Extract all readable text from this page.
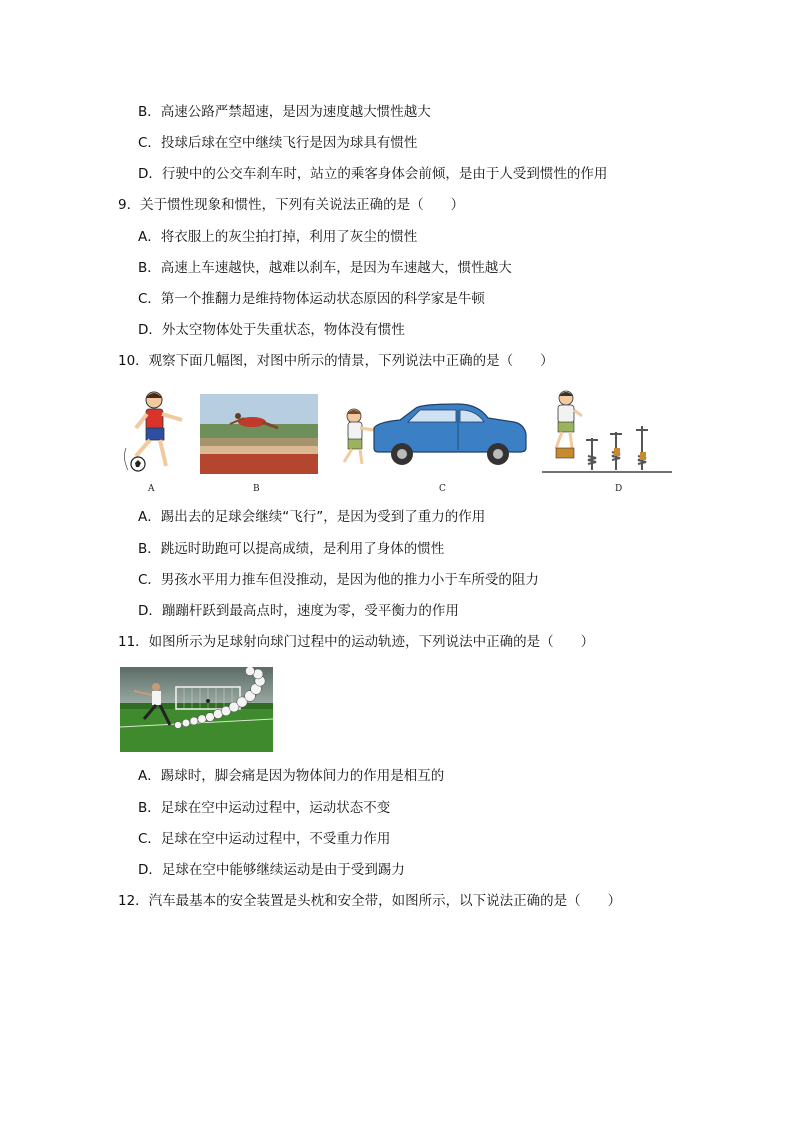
B．高速公路严禁超速，是因为速度越大惯性越大
C．投球后球在空中继续飞行是因为球具有惯性
D．行驶中的公交车刹车时，站立的乘客身体会前倾，是由于人受到惯性的作用
9．关于惯性现象和惯性，下列有关说法正确的是（　　）
A．将衣服上的灰尘拍打掉，利用了灰尘的惯性
B．高速上车速越快，越难以刹车，是因为车速越大，惯性越大
C．第一个推翻力是维持物体运动状态原因的科学家是牛顿
D．外太空物体处于失重状态，物体没有惯性
10．观察下面几幅图，对图中所示的情景，下列说法中正确的是（　　）
A	B	C	D
A．踢出去的足球会继续“飞行”，是因为受到了重力的作用
B．跳远时助跑可以提高成绩，是利用了身体的惯性
C．男孩水平用力推车但没推动，是因为他的推力小于车所受的阻力
D．蹦蹦杆跃到最高点时，速度为零，受平衡力的作用
11．如图所示为足球射向球门过程中的运动轨迹，下列说法中正确的是（　　）
A．踢球时，脚会痛是因为物体间力的作用是相互的
B．足球在空中运动过程中，运动状态不变
C．足球在空中运动过程中，不受重力作用
D．足球在空中能够继续运动是由于受到踢力
12．汽车最基本的安全装置是头枕和安全带，如图所示，以下说法正确的是（　　）
